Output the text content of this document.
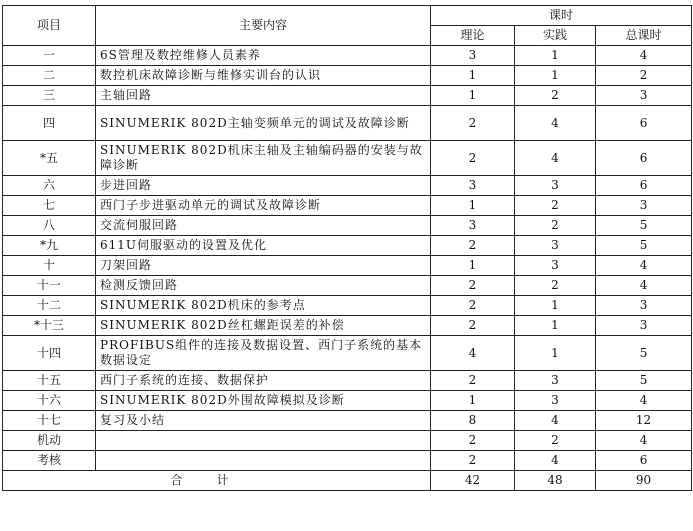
项目	主要内容	课时		
		理论	实践	总课时
一	6S管理及数控维修人员素养	3	1	4
二	数控机床故障诊断与维修实训台的认识	1	1	2
三	主轴回路	1	2	3
四	SINUMERIK 802D主轴变频单元的调试及故障诊断	2	4	6
*五	SINUMERIK 802D机床主轴及主轴编码器的安装与故障诊断	2	4	6
六	步进回路	3	3	6
七	西门子步进驱动单元的调试及故障诊断	1	2	3
八	交流伺服回路	3	2	5
*九	611U伺服驱动的设置及优化	2	3	5
十	刀架回路	1	3	4
十一	检测反馈回路	2	2	4
十二	SINUMERIK 802D机床的参考点	2	1	3
*十三	SINUMERIK 802D丝杠螺距误差的补偿	2	1	3
十四	PROFIBUS组件的连接及数据设置、西门子系统的基本数据设定	4	1	5
十五	西门子系统的连接、数据保护	2	3	5
十六	SINUMERIK 802D外围故障模拟及诊断	1	3	4
十七	复习及小结	8	4	12
机动		2	2	4
考核		2	4	6
合计		42	48	90
